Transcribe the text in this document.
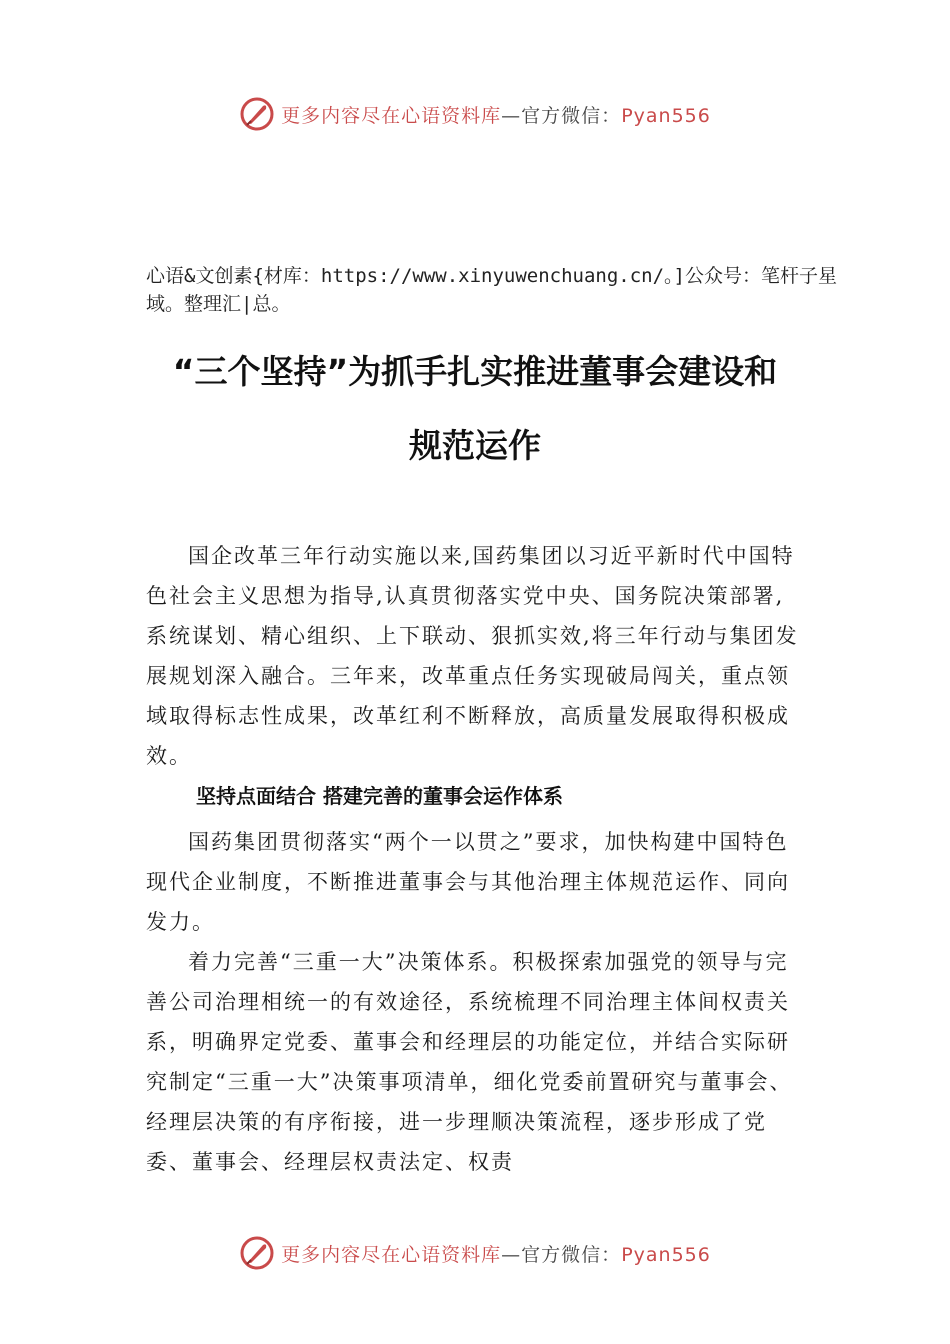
更多内容尽在心语资料库—官方微信：Pyan556

心语&文创素{材库：https://www.xinyuwenchuang.cn/。]公众号：笔杆子星域。整理汇|总。

“三个坚持”为抓手扎实推进董事会建设和
规范运作

国企改革三年行动实施以来,国药集团以习近平新时代中国特色社会主义思想为指导,认真贯彻落实党中央、国务院决策部署,系统谋划、精心组织、上下联动、狠抓实效,将三年行动与集团发展规划深入融合。三年来，改革重点任务实现破局闯关，重点领域取得标志性成果，改革红利不断释放，高质量发展取得积极成效。

坚持点面结合 搭建完善的董事会运作体系

国药集团贯彻落实“两个一以贯之”要求，加快构建中国特色现代企业制度，不断推进董事会与其他治理主体规范运作、同向发力。

着力完善“三重一大”决策体系。积极探索加强党的领导与完善公司治理相统一的有效途径，系统梳理不同治理主体间权责关系，明确界定党委、董事会和经理层的功能定位，并结合实际研究制定“三重一大”决策事项清单，细化党委前置研究与董事会、经理层决策的有序衔接，进一步理顺决策流程，逐步形成了党委、董事会、经理层权责法定、权责

更多内容尽在心语资料库—官方微信：Pyan556
